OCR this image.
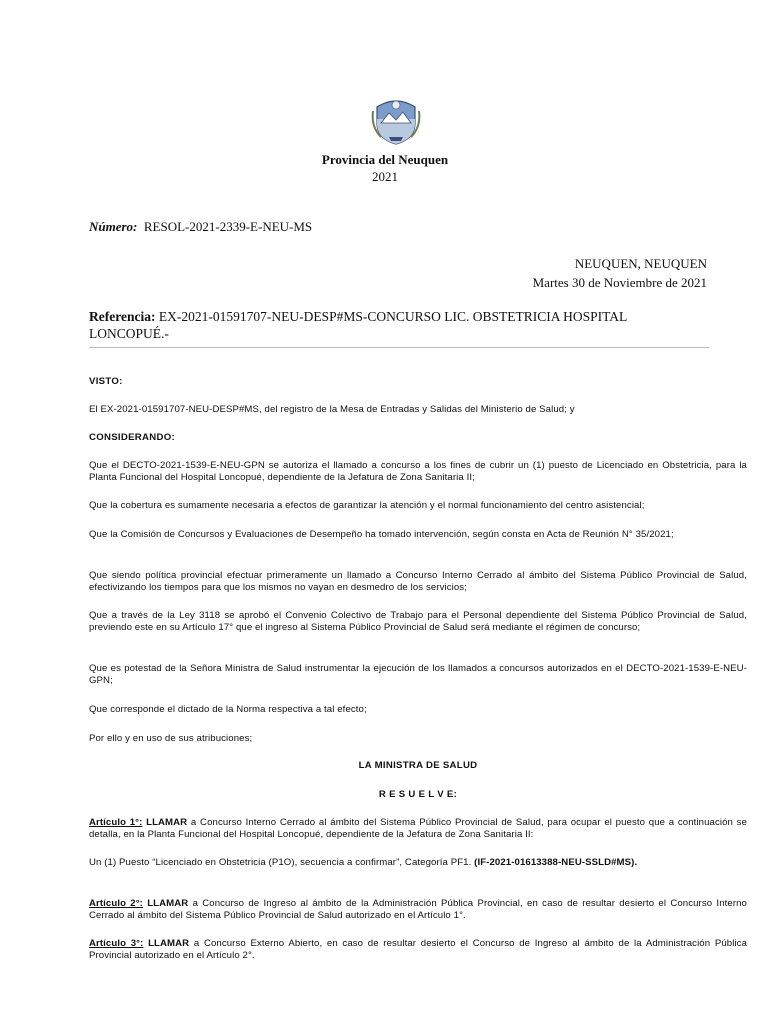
Provincia del Neuquen
2021
Número: RESOL-2021-2339-E-NEU-MS
NEUQUEN, NEUQUEN
Martes 30 de Noviembre de 2021
Referencia: EX-2021-01591707-NEU-DESP#MS-CONCURSO LIC. OBSTETRICIA HOSPITAL LONCOPUÉ.-
VISTO:
El EX-2021-01591707-NEU-DESP#MS, del registro de la Mesa de Entradas y Salidas del Ministerio de Salud; y
CONSIDERANDO:
Que el DECTO-2021-1539-E-NEU-GPN se autoriza el llamado a concurso a los fines de cubrir un (1) puesto de Licenciado en Obstetricia, para la Planta Funcional del Hospital Loncopué, dependiente de la Jefatura de Zona Sanitaria II;
Que la cobertura es sumamente necesaria a efectos de garantizar la atención y el normal funcionamiento del centro asistencial;
Que la Comisión de Concursos y Evaluaciones de Desempeño ha tomado intervención, según consta en Acta de Reunión N° 35/2021;
Que siendo política provincial efectuar primeramente un llamado a Concurso Interno Cerrado al ámbito del Sistema Público Provincial de Salud, efectivizando los tiempos para que los mismos no vayan en desmedro de los servicios;
Que a través de la Ley 3118 se aprobó el Convenio Colectivo de Trabajo para el Personal dependiente del Sistema Público Provincial de Salud, previendo este en su Artículo 17° que el ingreso al Sistema Público Provincial de Salud será mediante el régimen de concurso;
Que es potestad de la Señora Ministra de Salud instrumentar la ejecución de los llamados a concursos autorizados en el DECTO-2021-1539-E-NEU-GPN;
Que corresponde el dictado de la Norma respectiva a tal efecto;
Por ello y en uso de sus atribuciones;
LA MINISTRA DE SALUD
R E S U E L V E:
Artículo 1°: LLAMAR a Concurso Interno Cerrado al ámbito del Sistema Público Provincial de Salud, para ocupar el puesto que a continuación se detalla, en la Planta Funcional del Hospital Loncopué, dependiente de la Jefatura de Zona Sanitaria II:
Un (1) Puesto “Licenciado en Obstetricia (P1O), secuencia a confirmar”, Categoría PF1. (IF-2021-01613388-NEU-SSLD#MS).
Artículo 2°: LLAMAR a Concurso de Ingreso al ámbito de la Administración Pública Provincial, en caso de resultar desierto el Concurso Interno Cerrado al ámbito del Sistema Público Provincial de Salud autorizado en el Artículo 1°.
Artículo 3°: LLAMAR a Concurso Externo Abierto, en caso de resultar desierto el Concurso de Ingreso al ámbito de la Administración Pública Provincial autorizado en el Artículo 2°.
